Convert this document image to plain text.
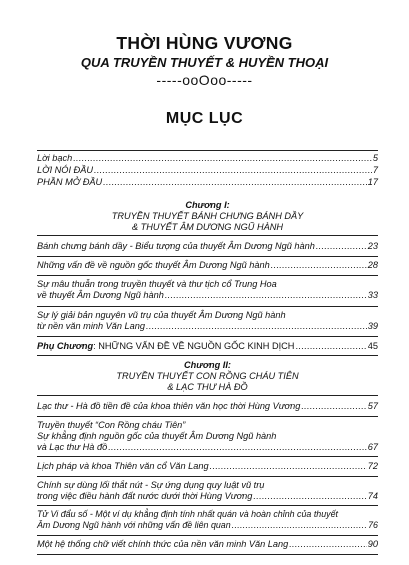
THỜI HÙNG VƯƠNG
QUA TRUYỀN THUYẾT & HUYỀN THOẠI
-----ooOoo-----
MỤC LỤC
Lời bạch .....	5
LỜI NÓI ĐẦU .....	7
PHẦN MỞ ĐẦU .....	17
Chương I:
TRUYỀN THUYẾT BÁNH CHƯNG BÁNH DẦY
& THUYẾT ÂM DƯƠNG NGŨ HÀNH
Bánh chưng bánh dầy - Biểu tượng của thuyết Âm Dương Ngũ hành .....	23
Những vấn đề về nguồn gốc thuyết Âm Dương Ngũ hành .....	28
Sự mâu thuẫn trong truyền thuyết và thư tịch cổ Trung Hoa
về thuyết Âm Dương Ngũ hành .....	33
Sự lý giải bản nguyên vũ trụ của thuyết Âm Dương Ngũ hành
từ nền văn minh Văn Lang .....	39
Phụ Chương: NHỮNG VẤN ĐỀ VỀ NGUỒN GỐC KINH DỊCH .....	45
Chương II:
TRUYỀN THUYẾT CON RỒNG CHÁU TIÊN
& LẠC THƯ HÀ ĐỒ
Lạc thư - Hà đồ tiền đề của khoa thiên văn học thời Hùng Vương .....	57
Truyền thuyết “Con Rồng cháu Tiên”
Sự khẳng định nguồn gốc của thuyết Âm Dương Ngũ hành
và Lạc thư Hà đồ .....	67
Lịch pháp và khoa Thiên văn cổ Văn Lang .....	72
Chính sự dùng lối thắt nút - Sự ứng dụng quy luật vũ trụ
trong việc điều hành đất nước dưới thời Hùng Vương .....	74
Tử Vi đẩu số - Một ví dụ khẳng định tính nhất quán và hoàn chỉnh của thuyết
Âm Dương Ngũ hành với những vấn đề liên quan .....	76
Một hệ thống chữ viết chính thức của nền văn minh Văn Lang .....	90
